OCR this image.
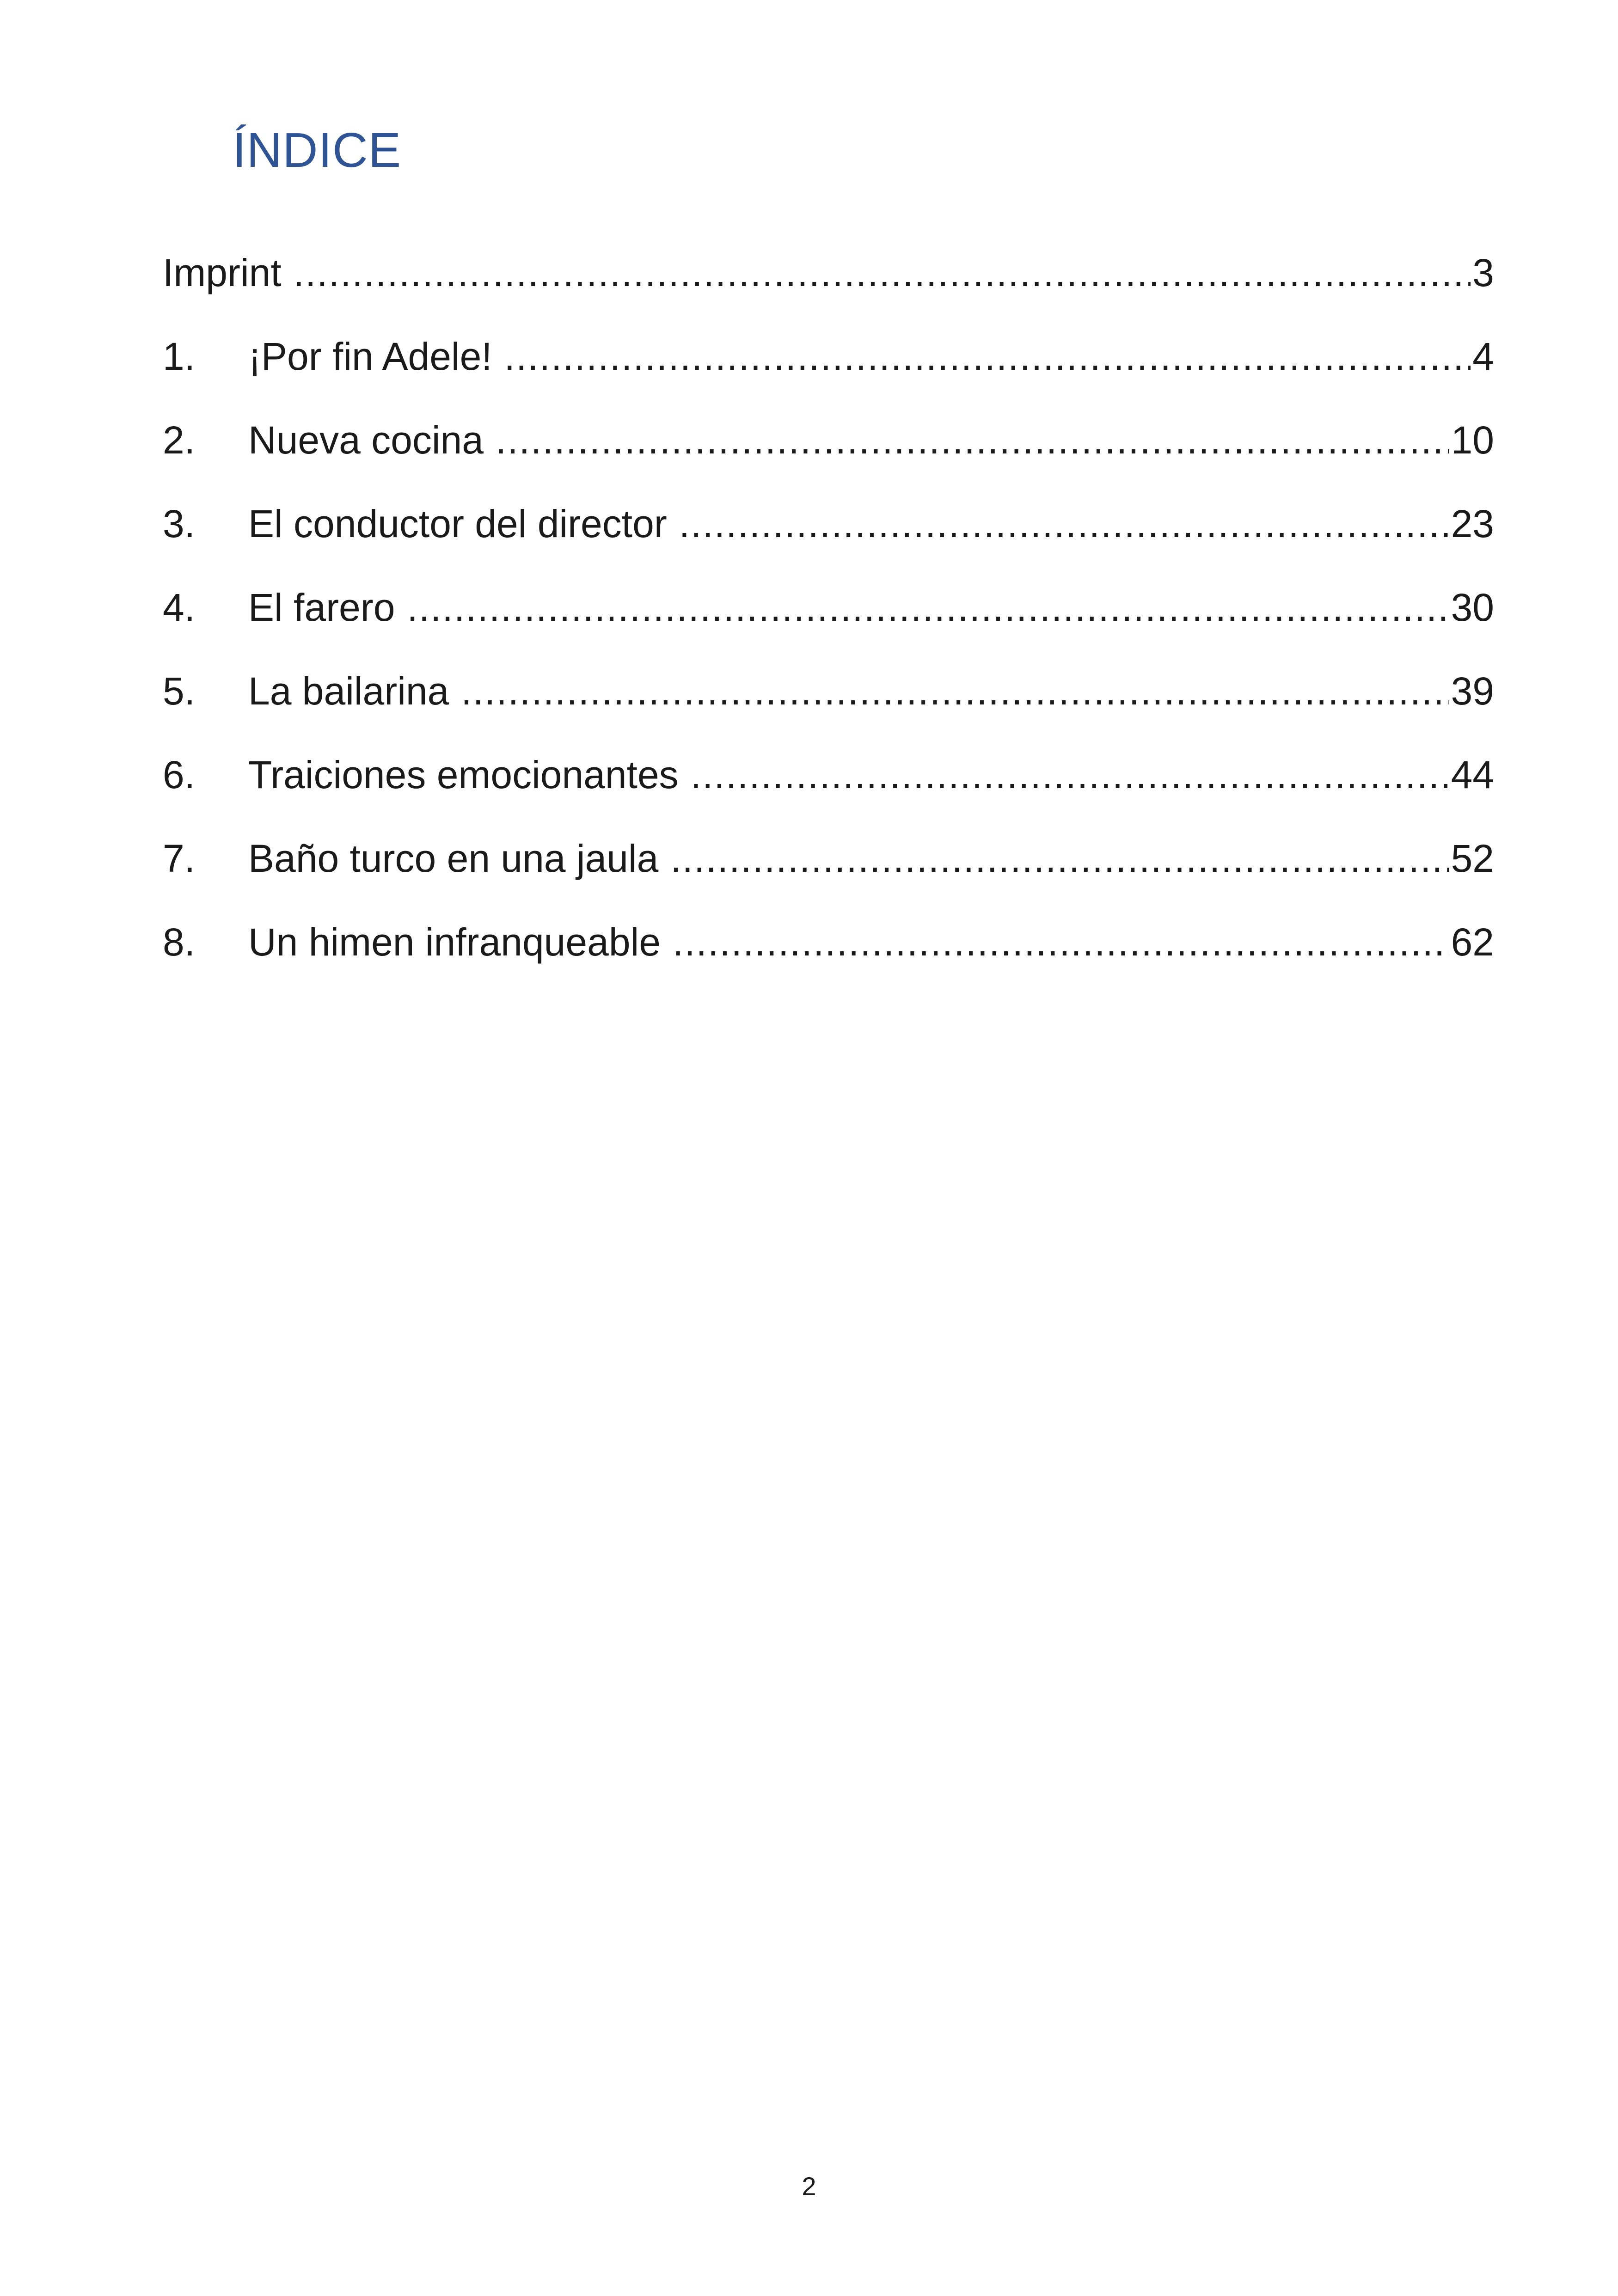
ÍNDICE
Imprint .....	3
1.	¡Por fin Adele! .....	4
2.	Nueva cocina .....	10
3.	El conductor del director .....	23
4.	El farero .....	30
5.	La bailarina .....	39
6.	Traiciones emocionantes .....	44
7.	Baño turco en una jaula .....	52
8.	Un himen infranqueable .....	62
2
